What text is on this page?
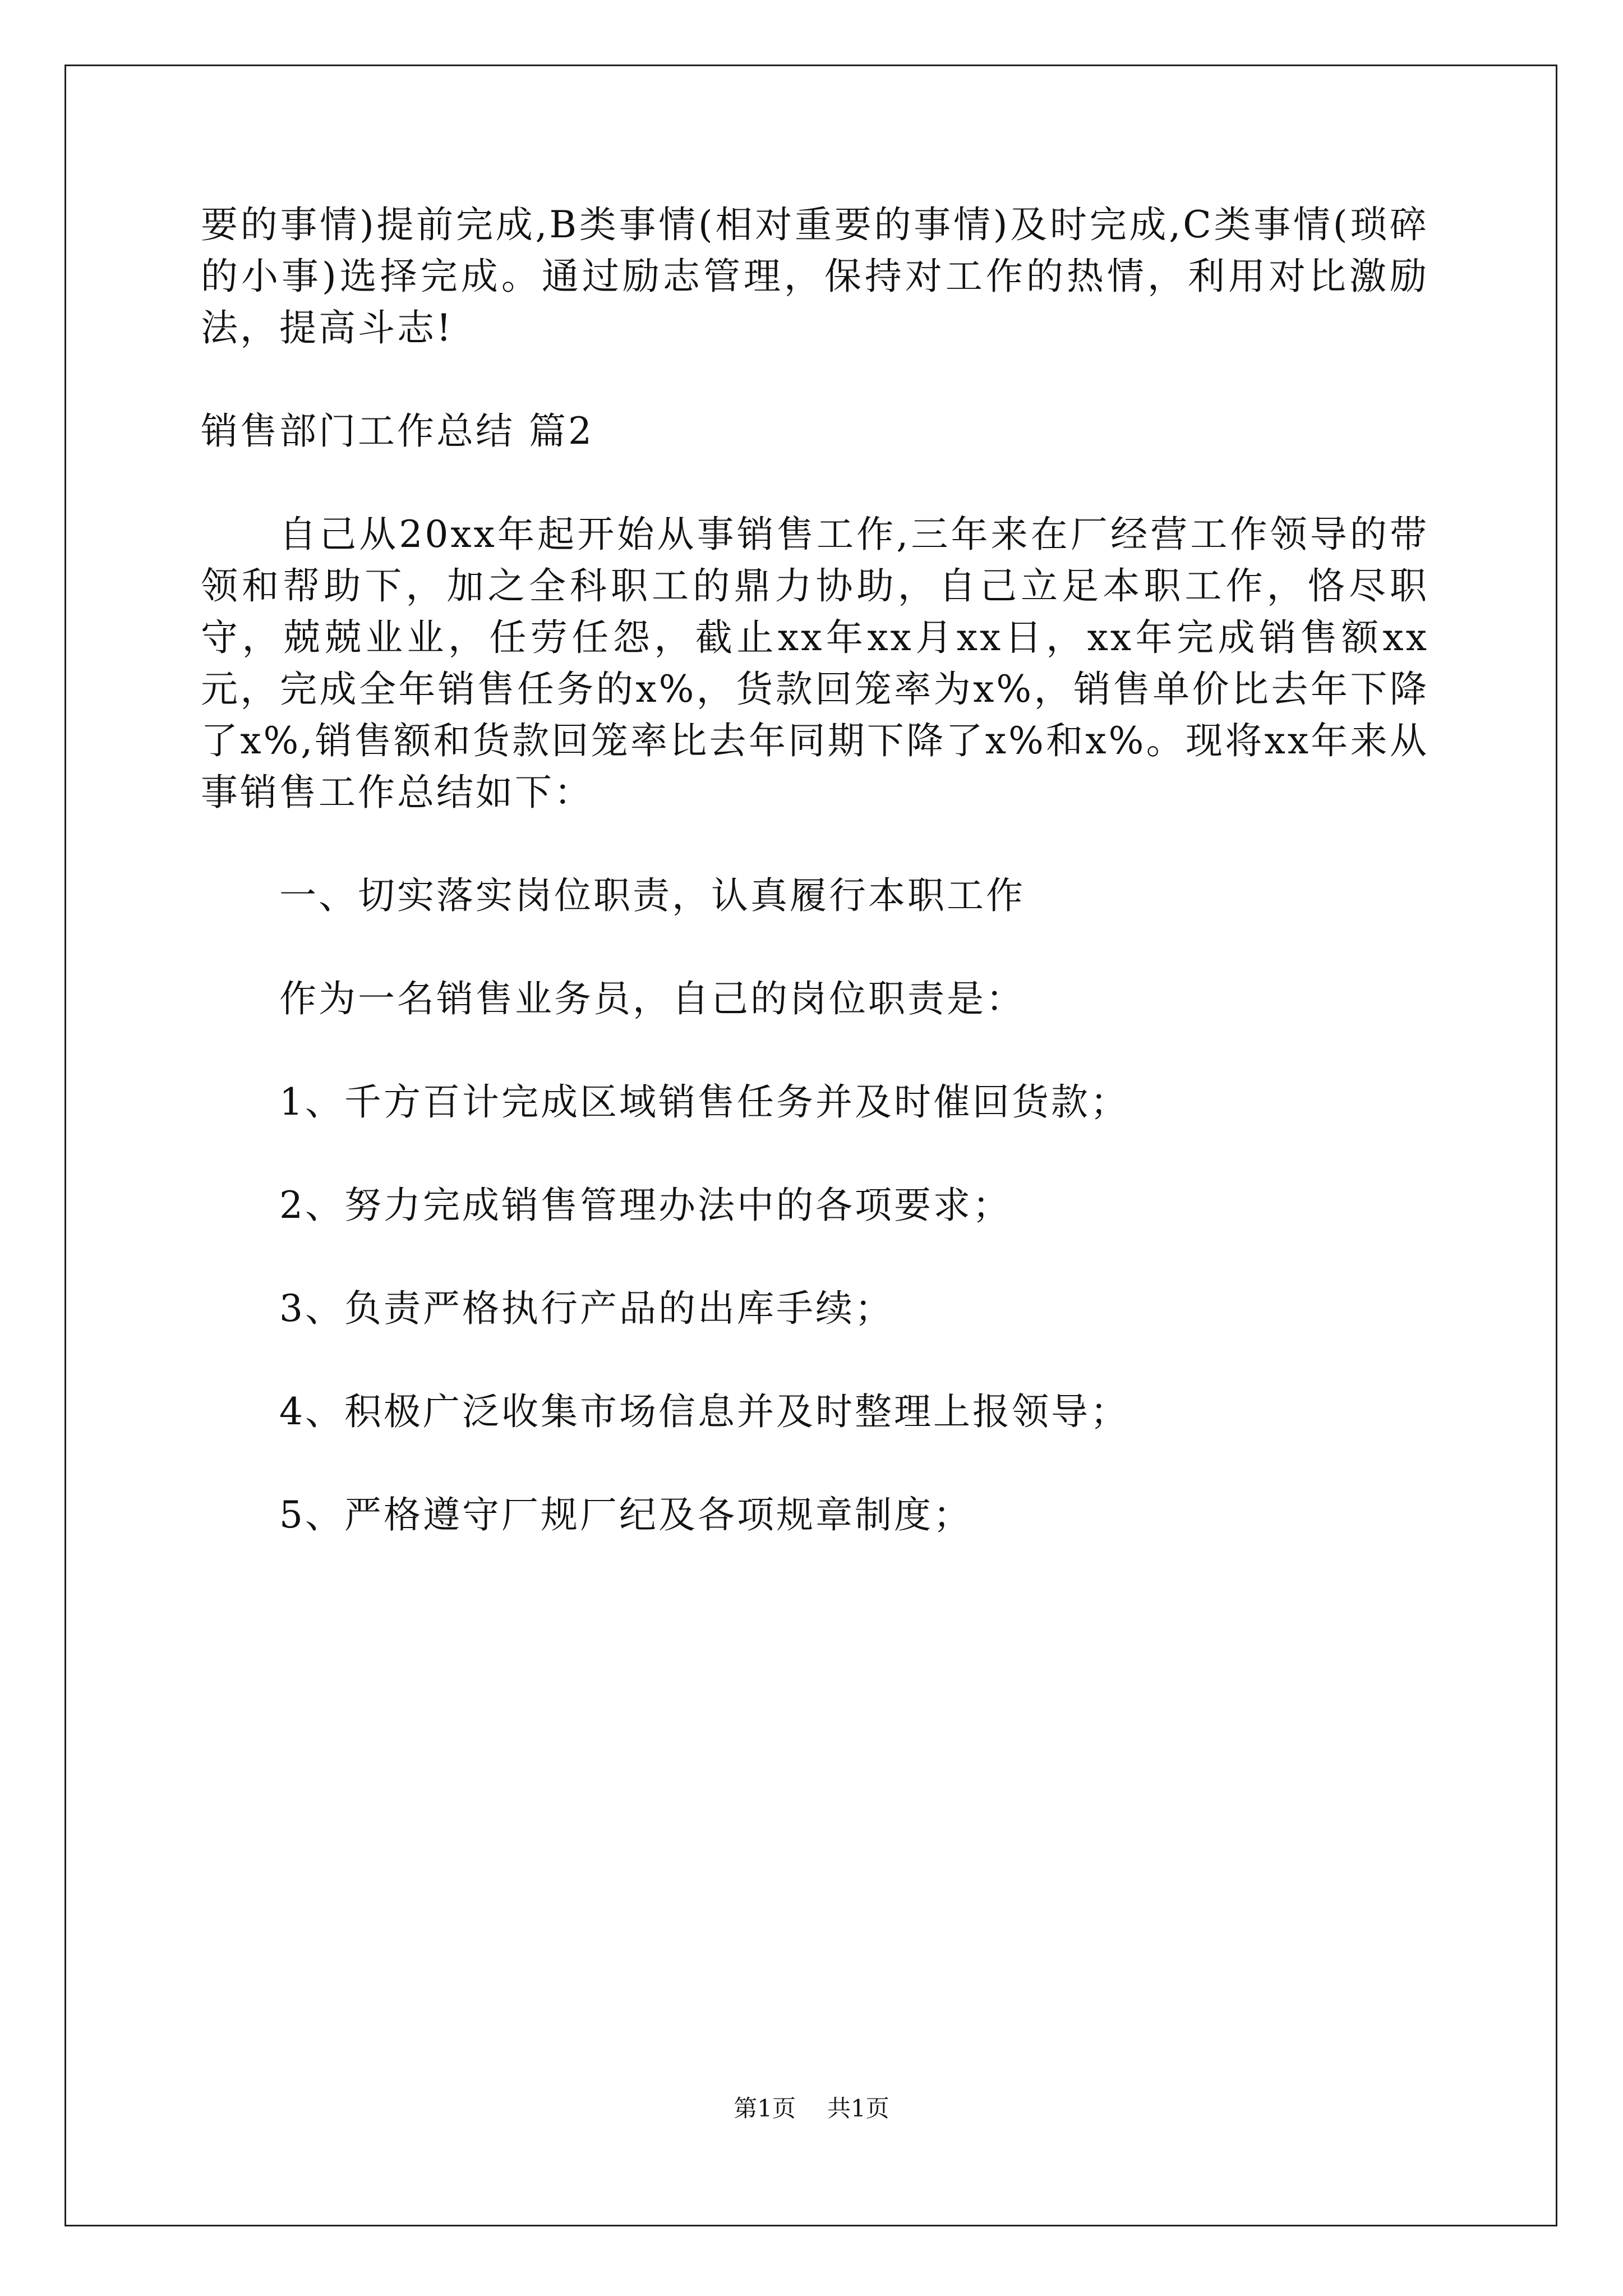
要的事情)提前完成,B类事情(相对重要的事情)及时完成,C类事情(琐碎的小事)选择完成。通过励志管理，保持对工作的热情，利用对比激励法，提高斗志!

销售部门工作总结 篇2

自己从20xx年起开始从事销售工作,三年来在厂经营工作领导的带领和帮助下，加之全科职工的鼎力协助，自己立足本职工作，恪尽职守，兢兢业业，任劳任怨，截止xx年xx月xx日，xx年完成销售额xx元，完成全年销售任务的x%，货款回笼率为x%，销售单价比去年下降了x%,销售额和货款回笼率比去年同期下降了x%和x%。现将xx年来从事销售工作总结如下：

一、切实落实岗位职责，认真履行本职工作

作为一名销售业务员，自己的岗位职责是：

1、千方百计完成区域销售任务并及时催回货款；

2、努力完成销售管理办法中的各项要求；

3、负责严格执行产品的出库手续；

4、积极广泛收集市场信息并及时整理上报领导；

5、严格遵守厂规厂纪及各项规章制度；

第1页 共1页
